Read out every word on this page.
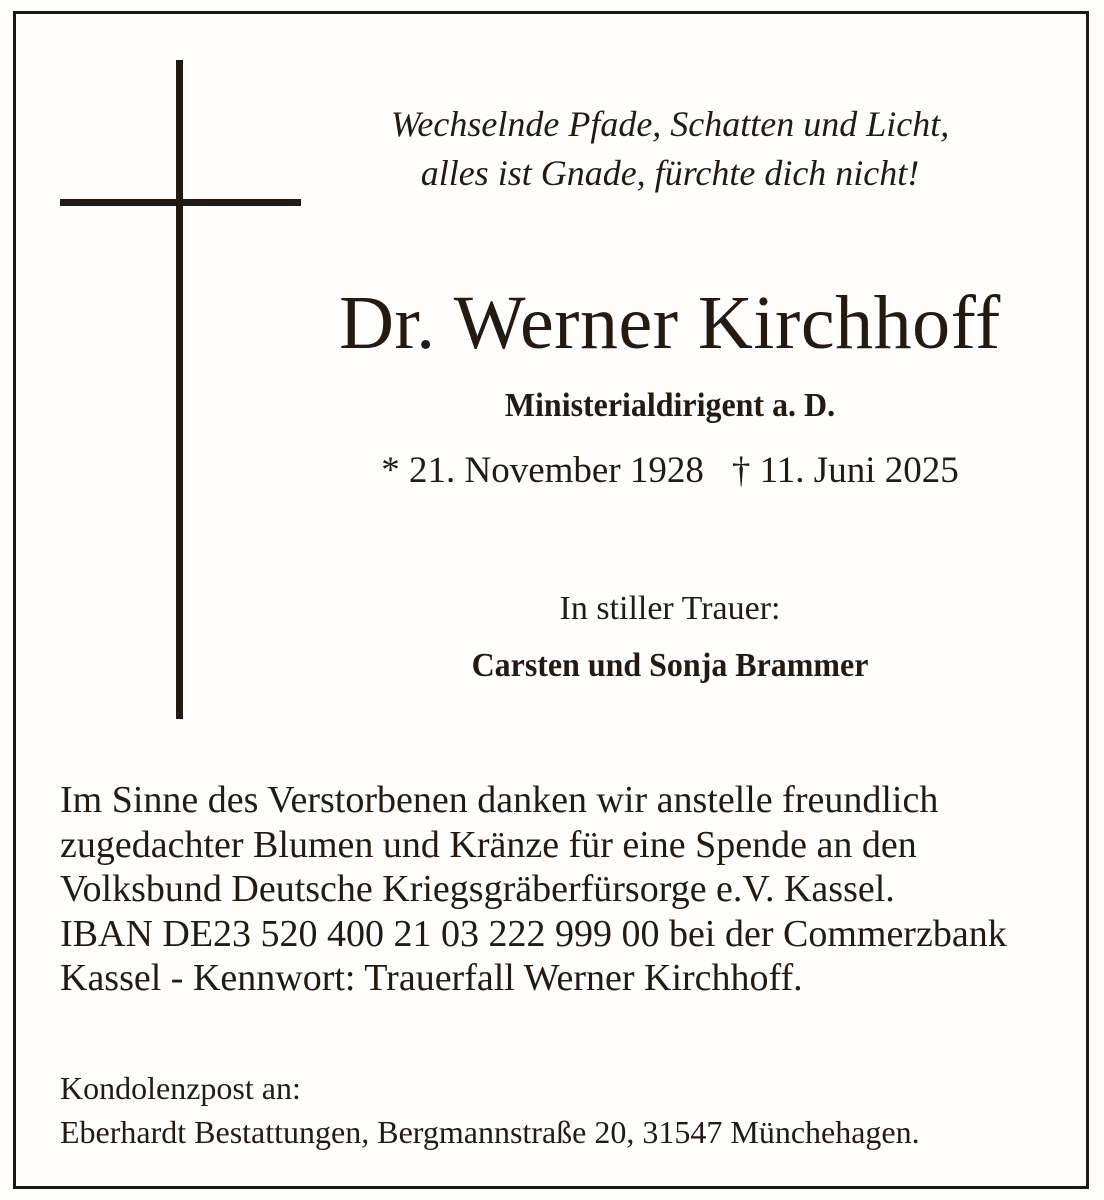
Wechselnde Pfade, Schatten und Licht,
alles ist Gnade, fürchte dich nicht!
Dr. Werner Kirchhoff
Ministerialdirigent a. D.
* 21. November 1928 † 11. Juni 2025
In stiller Trauer:
Carsten und Sonja Brammer
Im Sinne des Verstorbenen danken wir anstelle freundlich
zugedachter Blumen und Kränze für eine Spende an den
Volksbund Deutsche Kriegsgräberfürsorge e.V. Kassel.
IBAN DE23 520 400 21 03 222 999 00 bei der Commerzbank
Kassel - Kennwort: Trauerfall Werner Kirchhoff.
Kondolenzpost an:
Eberhardt Bestattungen, Bergmannstraße 20, 31547 Münchehagen.
